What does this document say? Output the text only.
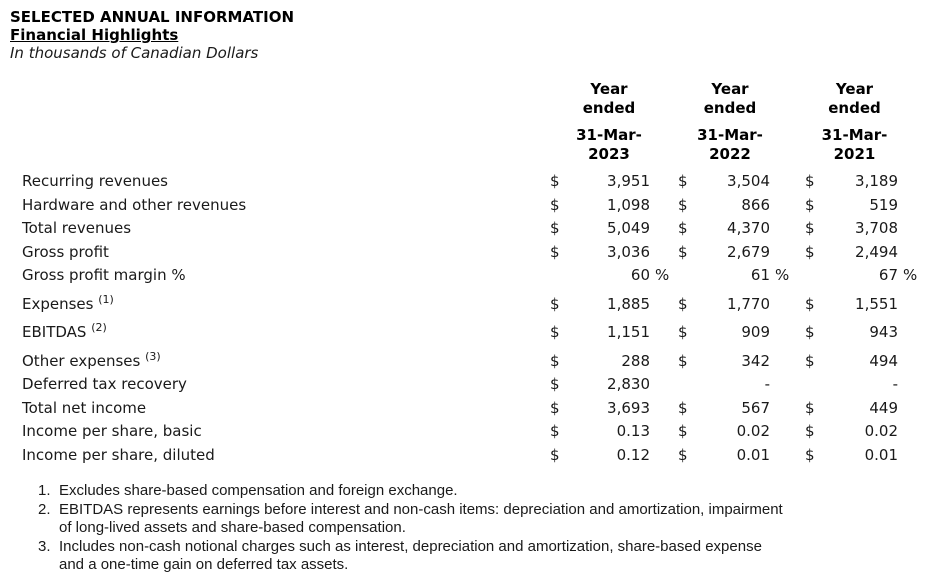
SELECTED ANNUAL INFORMATION
Financial Highlights
In thousands of Canadian Dollars
	Year ended			Year ended			Year ended		
	31-Mar-2023			31-Mar-2022			31-Mar-2021		
Recurring revenues	$	3,951		$	3,504		$	3,189	
Hardware and other revenues	$	1,098		$	866		$	519	
Total revenues	$	5,049		$	4,370		$	3,708	
Gross profit	$	3,036		$	2,679		$	2,494	
Gross profit margin %		60	%		61	%		67	%
Expenses $^{(1)}$	$	1,885		$	1,770		$	1,551	
EBITDAS $^{(2)}$	$	1,151		$	909		$	943	
Other expenses $^{(3)}$	$	288		$	342		$	494	
Deferred tax recovery	$	2,830			-			-	
Total net income	$	3,693		$	567		$	449	
Income per share, basic	$	0.13		$	0.02		$	0.02	
Income per share, diluted	$	0.12		$	0.01		$	0.01	
1. Excludes share-based compensation and foreign exchange.
2. EBITDAS represents earnings before interest and non-cash items: depreciation and amortization, impairment of long-lived assets and share-based compensation.
3. Includes non-cash notional charges such as interest, depreciation and amortization, share-based expense and a one-time gain on deferred tax assets.
